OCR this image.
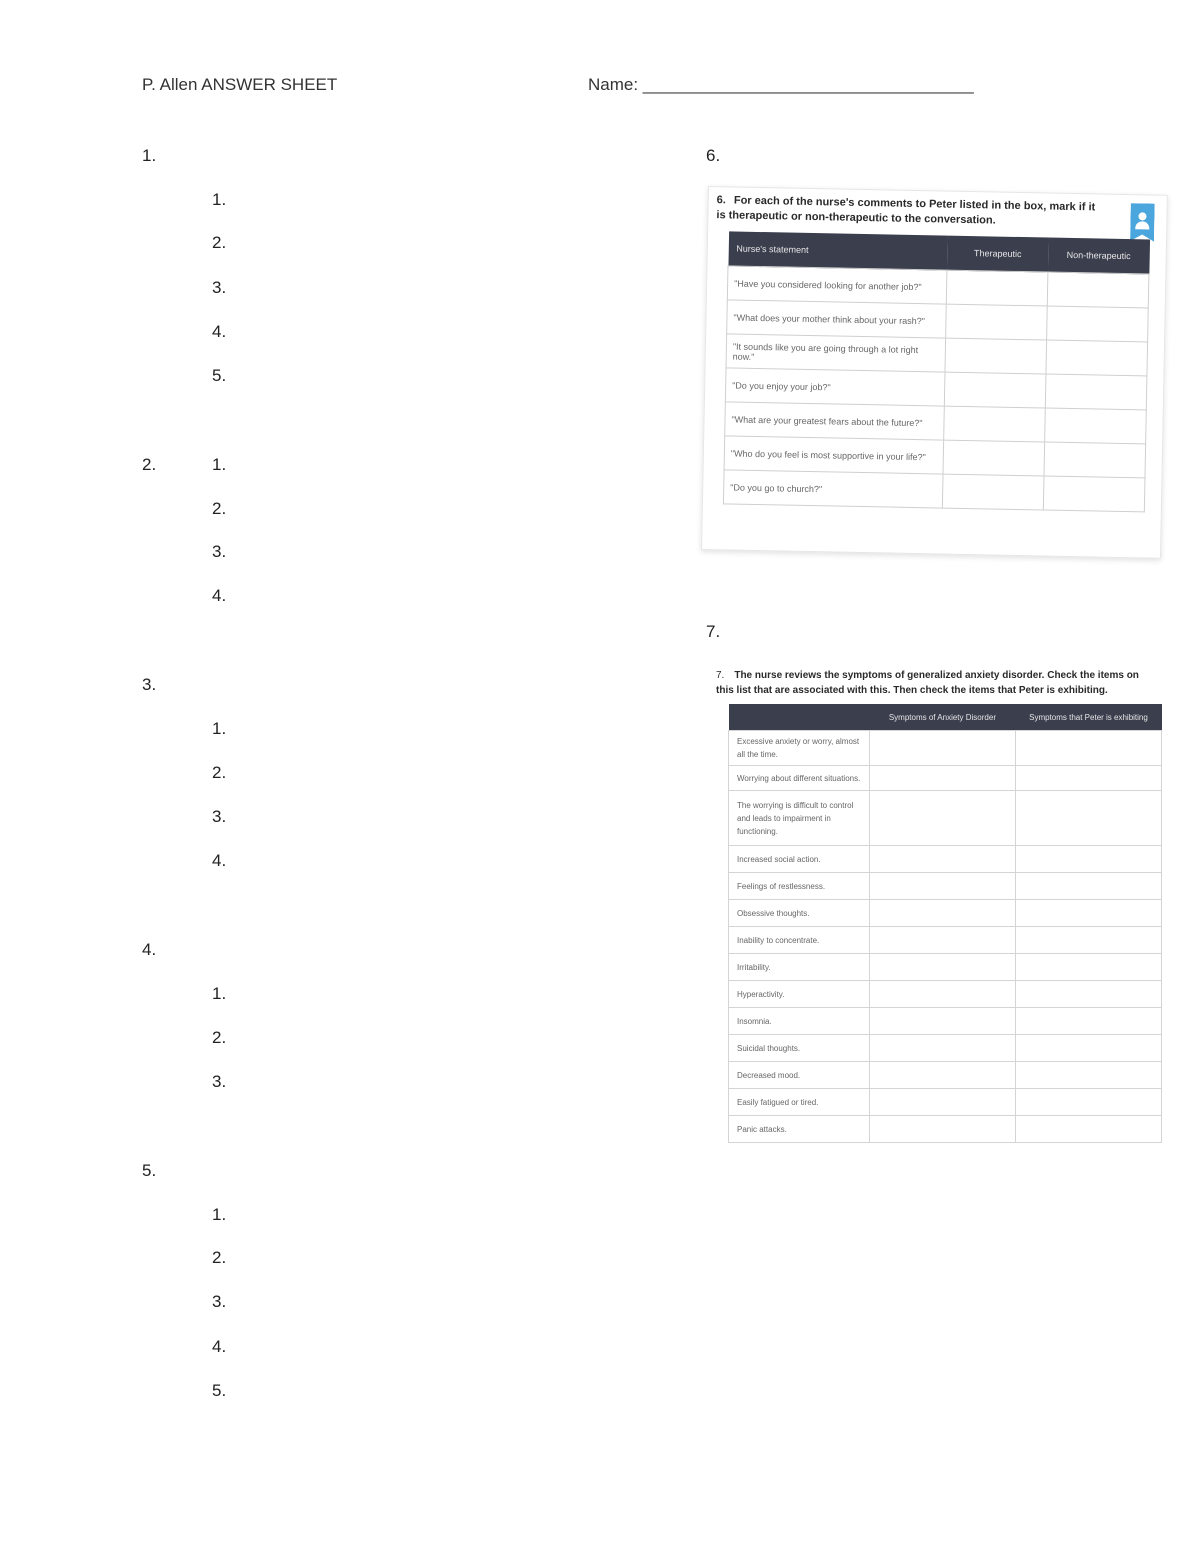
P. Allen ANSWER SHEET	Name: ___________________________________
1.
1.
2.
3.
4.
5.
2.	1.
2.
3.
4.
3.
1.
2.
3.
4.
4.
1.
2.
3.
5.
1.
2.
3.
4.
5.
6.
6. For each of the nurse's comments to Peter listed in the box, mark if it is therapeutic or non-therapeutic to the conversation.
Nurse's statement	Therapeutic	Non-therapeutic
"Have you considered looking for another job?"		
"What does your mother think about your rash?"		
"It sounds like you are going through a lot right now."		
"Do you enjoy your job?"		
"What are your greatest fears about the future?"		
"Who do you feel is most supportive in your life?"		
"Do you go to church?"		
7.
7. The nurse reviews the symptoms of generalized anxiety disorder. Check the items on this list that are associated with this. Then check the items that Peter is exhibiting.
	Symptoms of Anxiety Disorder	Symptoms that Peter is exhibiting
Excessive anxiety or worry, almost all the time.		
Worrying about different situations.		
The worrying is difficult to control and leads to impairment in functioning.		
Increased social action.		
Feelings of restlessness.		
Obsessive thoughts.		
Inability to concentrate.		
Irritability.		
Hyperactivity.		
Insomnia.		
Suicidal thoughts.		
Decreased mood.		
Easily fatigued or tired.		
Panic attacks.		
